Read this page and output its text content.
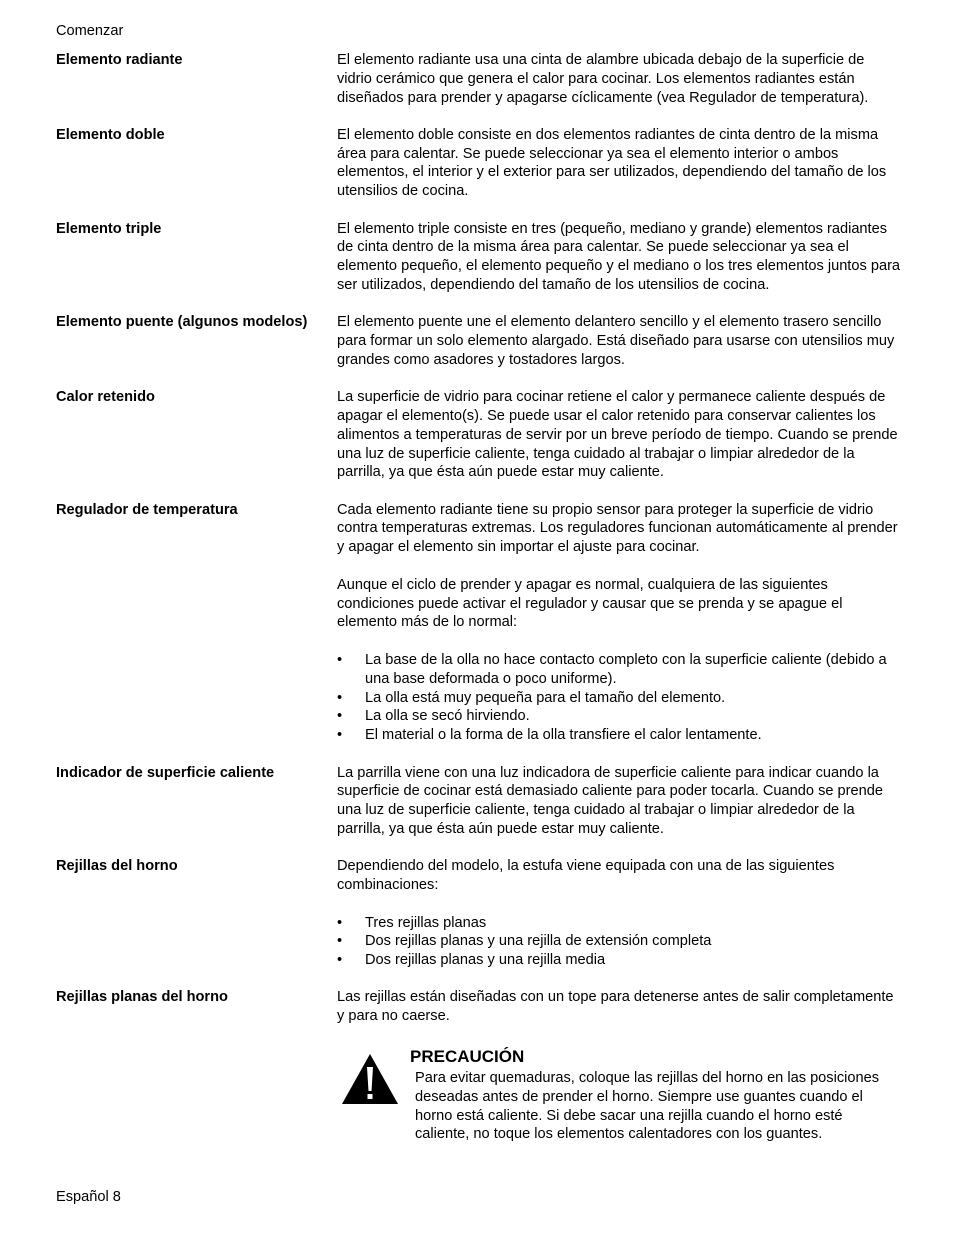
Comenzar
Elemento radiante	El elemento radiante usa una cinta de alambre ubicada debajo de la superficie de vidrio cerámico que genera el calor para cocinar. Los elementos radiantes están diseñados para prender y apagarse cíclicamente (vea Regulador de temperatura).

Elemento doble	El elemento doble consiste en dos elementos radiantes de cinta dentro de la misma área para calentar. Se puede seleccionar ya sea el elemento interior o ambos elementos, el interior y el exterior para ser utilizados, dependiendo del tamaño de los utensilios de cocina.

Elemento triple	El elemento triple consiste en tres (pequeño, mediano y grande) elementos radiantes de cinta dentro de la misma área para calentar. Se puede seleccionar ya sea el elemento pequeño, el elemento pequeño y el mediano o los tres elementos juntos para ser utilizados, dependiendo del tamaño de los utensilios de cocina.

Elemento puente (algunos modelos)	El elemento puente une el elemento delantero sencillo y el elemento trasero sencillo para formar un solo elemento alargado. Está diseñado para usarse con utensilios muy grandes como asadores y tostadores largos.

Calor retenido	La superficie de vidrio para cocinar retiene el calor y permanece caliente después de apagar el elemento(s). Se puede usar el calor retenido para conservar calientes los alimentos a temperaturas de servir por un breve período de tiempo. Cuando se prende una luz de superficie caliente, tenga cuidado al trabajar o limpiar alrededor de la parrilla, ya que ésta aún puede estar muy caliente.

Regulador de temperatura	Cada elemento radiante tiene su propio sensor para proteger la superficie de vidrio contra temperaturas extremas. Los reguladores funcionan automáticamente al prender y apagar el elemento sin importar el ajuste para cocinar.

Aunque el ciclo de prender y apagar es normal, cualquiera de las siguientes condiciones puede activar el regulador y causar que se prenda y se apague el elemento más de lo normal:

• La base de la olla no hace contacto completo con la superficie caliente (debido a una base deformada o poco uniforme).
• La olla está muy pequeña para el tamaño del elemento.
• La olla se secó hirviendo.
• El material o la forma de la olla transfiere el calor lentamente.
Indicador de superficie caliente	La parrilla viene con una luz indicadora de superficie caliente para indicar cuando la superficie de cocinar está demasiado caliente para poder tocarla. Cuando se prende una luz de superficie caliente, tenga cuidado al trabajar o limpiar alrededor de la parrilla, ya que ésta aún puede estar muy caliente.

Rejillas del horno	Dependiendo del modelo, la estufa viene equipada con una de las siguientes combinaciones:

• Tres rejillas planas
• Dos rejillas planas y una rejilla de extensión completa
• Dos rejillas planas y una rejilla media
Rejillas planas del horno	Las rejillas están diseñadas con un tope para detenerse antes de salir completamente y para no caerse.

PRECAUCIÓN
Para evitar quemaduras, coloque las rejillas del horno en las posiciones deseadas antes de prender el horno. Siempre use guantes cuando el horno está caliente. Si debe sacar una rejilla cuando el horno esté caliente, no toque los elementos calentadores con los guantes.
Español 8
